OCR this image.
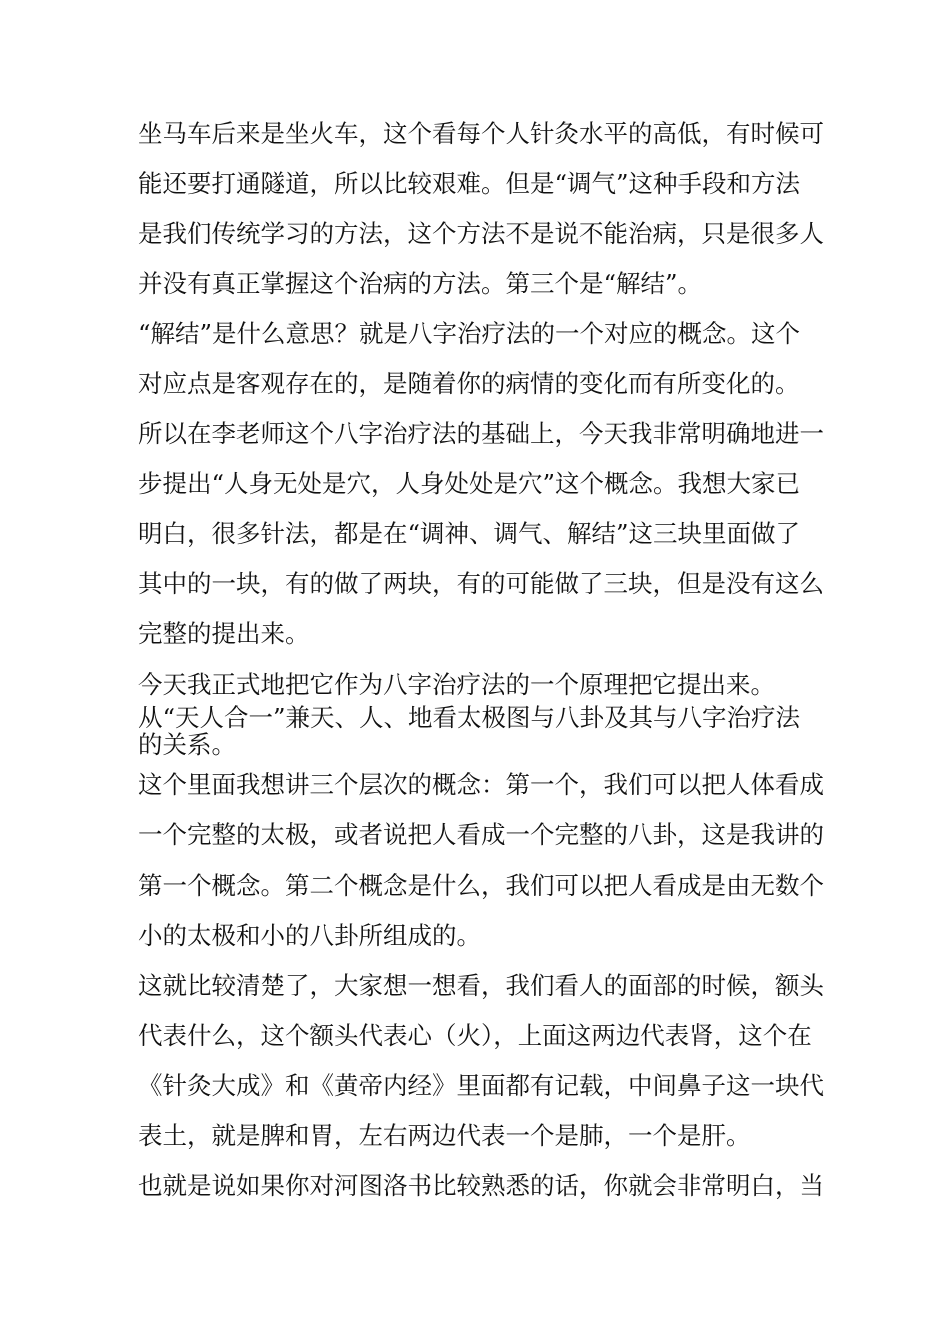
坐马车后来是坐火车，这个看每个人针灸水平的高低，有时候可
能还要打通隧道，所以比较艰难。但是“调气”这种手段和方法
是我们传统学习的方法，这个方法不是说不能治病，只是很多人
并没有真正掌握这个治病的方法。第三个是“解结”。
“解结”是什么意思？就是八字治疗法的一个对应的概念。这个
对应点是客观存在的，是随着你的病情的变化而有所变化的。
所以在李老师这个八字治疗法的基础上，今天我非常明确地进一
步提出“人身无处是穴，人身处处是穴”这个概念。我想大家已
明白，很多针法，都是在“调神、调气、解结”这三块里面做了
其中的一块，有的做了两块，有的可能做了三块，但是没有这么
完整的提出来。
今天我正式地把它作为八字治疗法的一个原理把它提出来。
从“天人合一”兼天、人、地看太极图与八卦及其与八字治疗法
的关系。
这个里面我想讲三个层次的概念：第一个，我们可以把人体看成
一个完整的太极，或者说把人看成一个完整的八卦，这是我讲的
第一个概念。第二个概念是什么，我们可以把人看成是由无数个
小的太极和小的八卦所组成的。
这就比较清楚了，大家想一想看，我们看人的面部的时候，额头
代表什么，这个额头代表心（火），上面这两边代表肾，这个在
《针灸大成》和《黄帝内经》里面都有记载，中间鼻子这一块代
表土，就是脾和胃，左右两边代表一个是肺，一个是肝。
也就是说如果你对河图洛书比较熟悉的话，你就会非常明白，当
